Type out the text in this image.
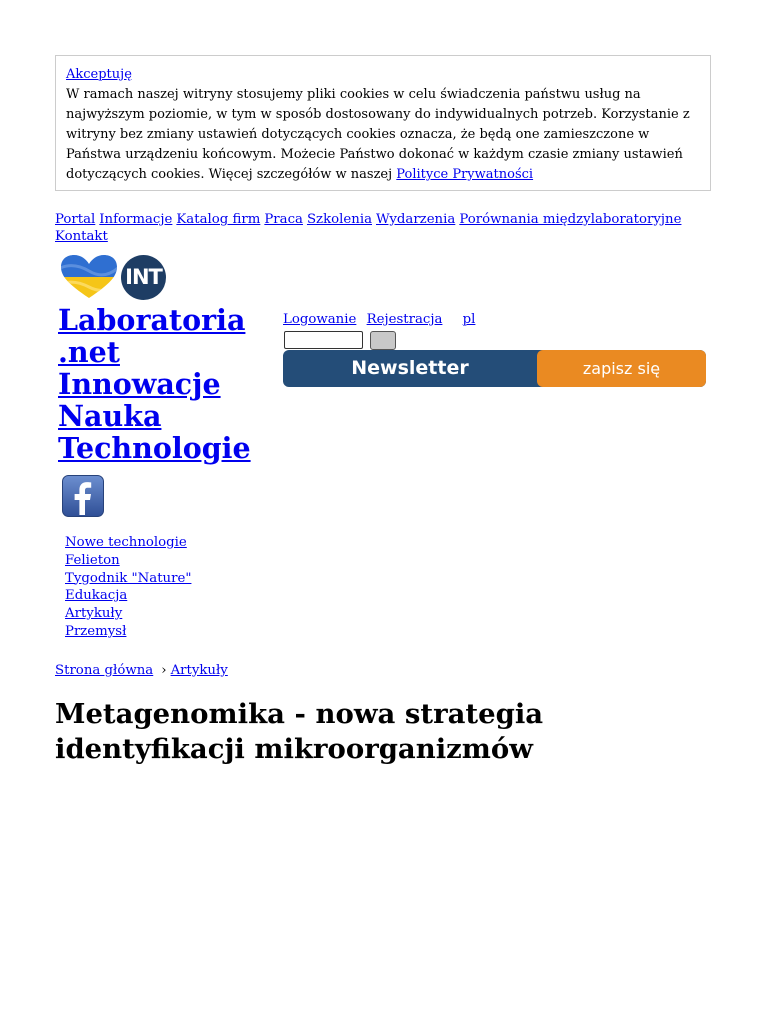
Akceptuję
W ramach naszej witryny stosujemy pliki cookies w celu świadczenia państwu usług na najwyższym poziomie, w tym w sposób dostosowany do indywidualnych potrzeb. Korzystanie z witryny bez zmiany ustawień dotyczących cookies oznacza, że będą one zamieszczone w Państwa urządzeniu końcowym. Możecie Państwo dokonać w każdym czasie zmiany ustawień dotyczących cookies. Więcej szczegółów w naszej Polityce Prywatności
Portal Informacje Katalog firm Praca Szkolenia Wydarzenia Porównania międzylaboratoryjne
Kontakt
INT
Laboratoria
.net
Innowacje
Nauka
Technologie
Nowe technologie
Felieton
Tygodnik "Nature"
Edukacja
Artykuły
Przemysł
Logowanie Rejestracja pl
Newsletter	zapisz się
Strona główna › Artykuły
Metagenomika - nowa strategia identyfikacji mikroorganizmów
